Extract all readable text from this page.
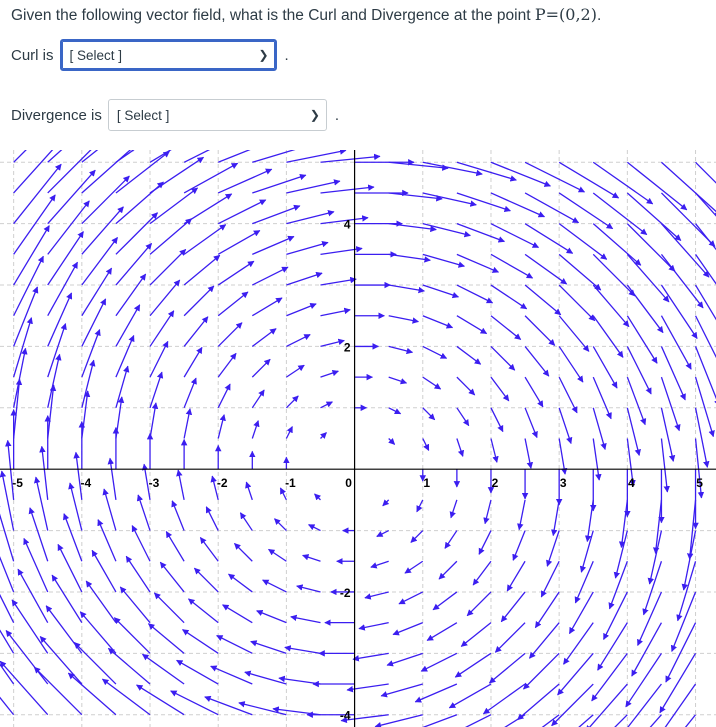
Given the following vector field, what is the Curl and Divergence at the point P=(0,2).
Curl is [ Select ]	❯ .
Divergence is [ Select ]	❯ .
-5	-4	-3	-2	-1	0	1	2	3	4	5
4
2
-2
-4
